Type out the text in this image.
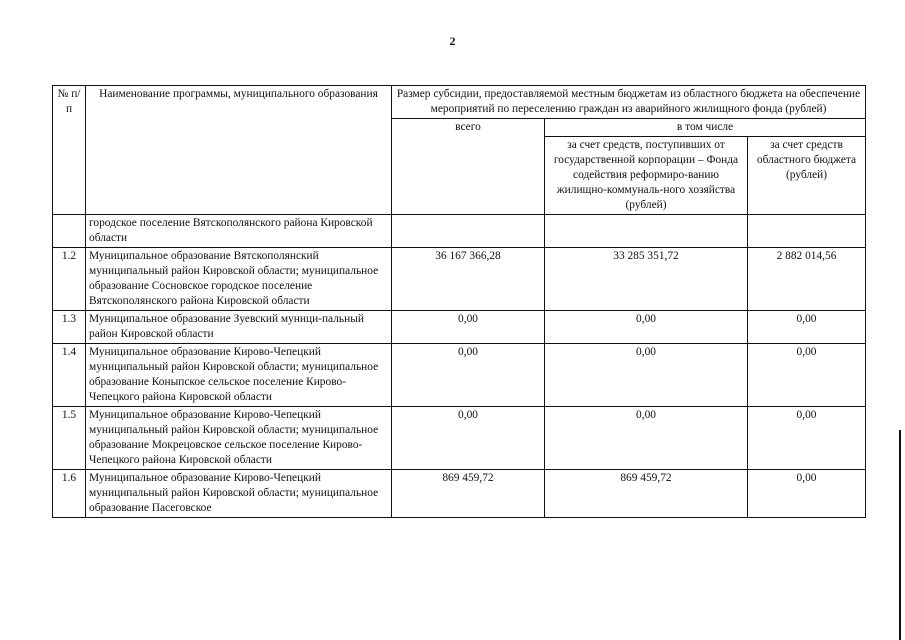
2
№ п/п	Наименование программы, муниципального образования	Размер субсидии, предоставляемой местным бюджетам из областного бюджета на обеспечение мероприятий по переселению граждан из аварийного жилищного фонда (рублей)		
		всего	в том числе	
			за счет средств, поступивших от государственной корпорации – Фонда содействия реформиро-ванию жилищно-коммуналь-ного хозяйства (рублей)	за счет средств областного бюджета (рублей)
	городское поселение Вятскополянского района Кировской области			
1.2	Муниципальное образование Вятскополянский муниципальный район Кировской области; муниципальное образование Сосновское городское поселение Вятскополянского района Кировской области	36 167 366,28	33 285 351,72	2 882 014,56
1.3	Муниципальное образование Зуевский муници-пальный район Кировской области	0,00	0,00	0,00
1.4	Муниципальное образование Кирово-Чепецкий муниципальный район Кировской области; муниципальное образование Коныпское сельское поселение Кирово-Чепецкого района Кировской области	0,00	0,00	0,00
1.5	Муниципальное образование Кирово-Чепецкий муниципальный район Кировской области; муниципальное образование Мокрецовское сельское поселение Кирово-Чепецкого района Кировской области	0,00	0,00	0,00
1.6	Муниципальное образование Кирово-Чепецкий муниципальный район Кировской области; муниципальное образование Пасеговское	869 459,72	869 459,72	0,00
